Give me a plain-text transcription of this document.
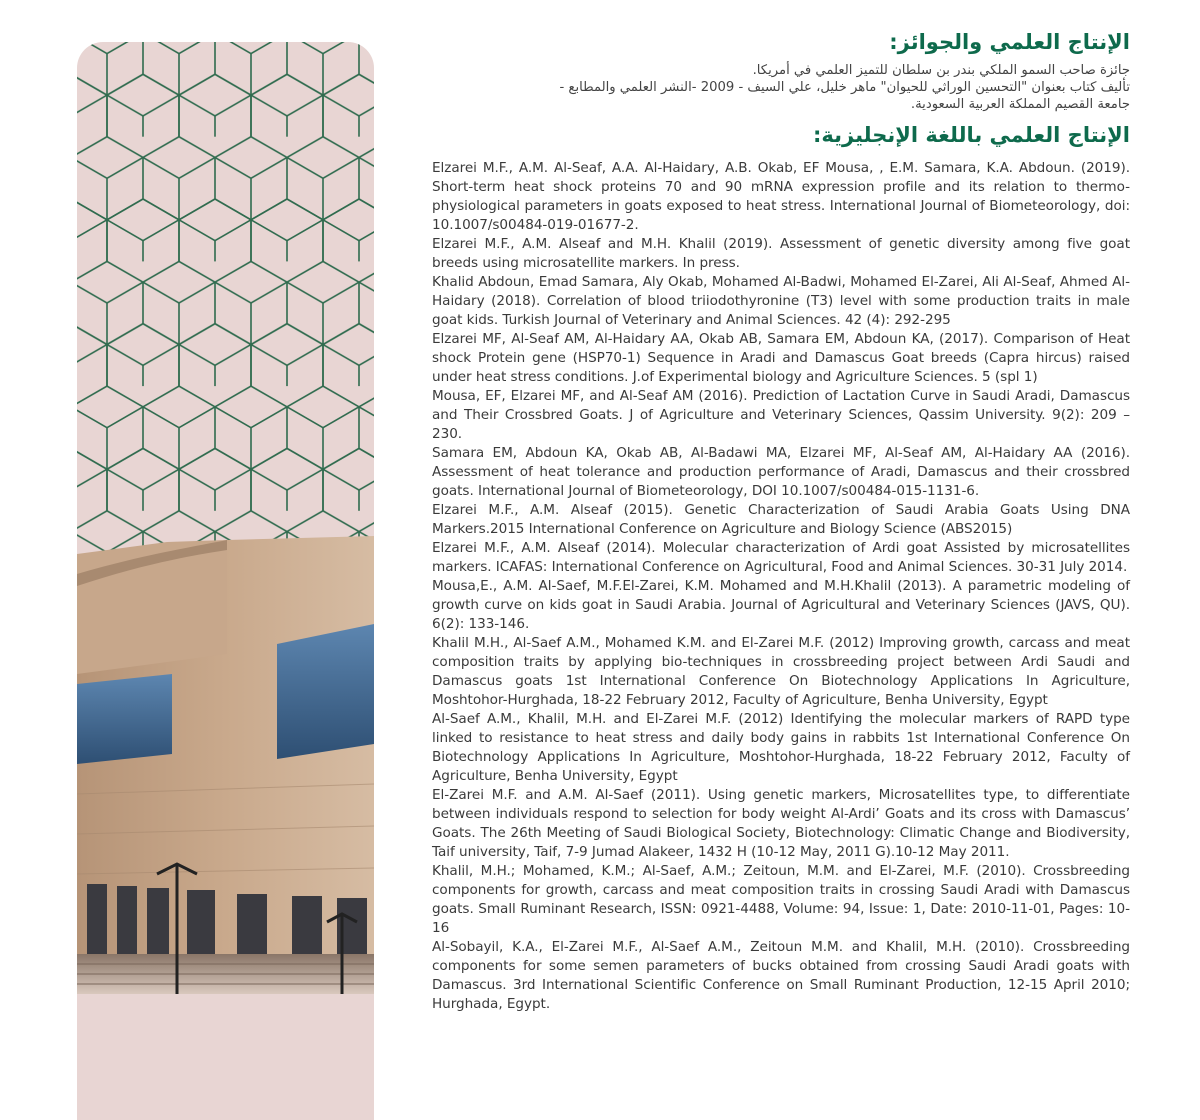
الإنتاج العلمي والجوائز:

جائزة صاحب السمو الملكي بندر بن سلطان للتميز العلمي في أمريكا.

تأليف كتاب بعنوان "التحسين الوراثي للحيوان" ماهر خليل، علي السيف - 2009 -النشر العلمي والمطابع -

جامعة القصيم المملكة العربية السعودية.

الإنتاج العلمي باللغة الإنجليزية:

Elzarei M.F., A.M. Al-Seaf, A.A. Al-Haidary, A.B. Okab, EF Mousa, , E.M. Samara, K.A. Abdoun. (2019). Short-term heat shock proteins 70 and 90 mRNA expression profile and its relation to thermo-physiological parameters in goats exposed to heat stress. International Journal of Biometeorology, doi: 10.1007/s00484-019-01677-2.

Elzarei M.F., A.M. Alseaf and M.H. Khalil (2019). Assessment of genetic diversity among five goat breeds using microsatellite markers. In press.

Khalid Abdoun, Emad Samara, Aly Okab, Mohamed Al-Badwi, Mohamed El-Zarei, Ali Al-Seaf, Ahmed Al-Haidary (2018). Correlation of blood triiodothyronine (T3) level with some production traits in male goat kids. Turkish Journal of Veterinary and Animal Sciences. 42 (4): 292-295

Elzarei MF, Al-Seaf AM, Al-Haidary AA, Okab AB, Samara EM, Abdoun KA, (2017). Comparison of Heat shock Protein gene (HSP70-1) Sequence in Aradi and Damascus Goat breeds (Capra hircus) raised under heat stress conditions. J.of Experimental biology and Agriculture Sciences. 5 (spl 1)

Mousa, EF, Elzarei MF, and Al-Seaf AM (2016). Prediction of Lactation Curve in Saudi Aradi, Damascus and Their Crossbred Goats. J of Agriculture and Veterinary Sciences, Qassim University. 9(2): 209 – 230.

Samara EM, Abdoun KA, Okab AB, Al-Badawi MA, Elzarei MF, Al-Seaf AM, Al-Haidary AA (2016). Assessment of heat tolerance and production performance of Aradi, Damascus and their crossbred goats. International Journal of Biometeorology, DOI 10.1007/s00484-015-1131-6.

Elzarei M.F., A.M. Alseaf (2015). Genetic Characterization of Saudi Arabia Goats Using DNA Markers.2015 International Conference on Agriculture and Biology Science (ABS2015)

Elzarei M.F., A.M. Alseaf (2014). Molecular characterization of Ardi goat Assisted by microsatellites markers. ICAFAS: International Conference on Agricultural, Food and Animal Sciences. 30-31 July 2014.

Mousa,E., A.M. Al-Saef, M.F.El-Zarei, K.M. Mohamed and M.H.Khalil (2013). A parametric modeling of growth curve on kids goat in Saudi Arabia. Journal of Agricultural and Veterinary Sciences (JAVS, QU). 6(2): 133-146.

Khalil M.H., Al-Saef A.M., Mohamed K.M. and El-Zarei M.F. (2012) Improving growth, carcass and meat composition traits by applying bio-techniques in crossbreeding project between Ardi Saudi and Damascus goats 1st International Conference On Biotechnology Applications In Agriculture, Moshtohor-Hurghada, 18-22 February 2012, Faculty of Agriculture, Benha University, Egypt

Al-Saef A.M., Khalil, M.H. and El-Zarei M.F. (2012) Identifying the molecular markers of RAPD type linked to resistance to heat stress and daily body gains in rabbits 1st International Conference On Biotechnology Applications In Agriculture, Moshtohor-Hurghada, 18-22 February 2012, Faculty of Agriculture, Benha University, Egypt

El-Zarei M.F. and A.M. Al-Saef (2011). Using genetic markers, Microsatellites type, to differentiate between individuals respond to selection for body weight Al-Ardi’ Goats and its cross with Damascus’ Goats. The 26th Meeting of Saudi Biological Society, Biotechnology: Climatic Change and Biodiversity, Taif university, Taif, 7-9 Jumad Alakeer, 1432 H (10-12 May, 2011 G).10-12 May 2011.

Khalil, M.H.; Mohamed, K.M.; Al-Saef, A.M.; Zeitoun, M.M. and El-Zarei, M.F. (2010). Crossbreeding components for growth, carcass and meat composition traits in crossing Saudi Aradi with Damascus goats. Small Ruminant Research, ISSN: 0921-4488, Volume: 94, Issue: 1, Date: 2010-11-01, Pages: 10-16

Al-Sobayil, K.A., El-Zarei M.F., Al-Saef A.M., Zeitoun M.M. and Khalil, M.H. (2010). Crossbreeding components for some semen parameters of bucks obtained from crossing Saudi Aradi goats with Damascus. 3rd International Scientific Conference on Small Ruminant Production, 12-15 April 2010; Hurghada, Egypt.
